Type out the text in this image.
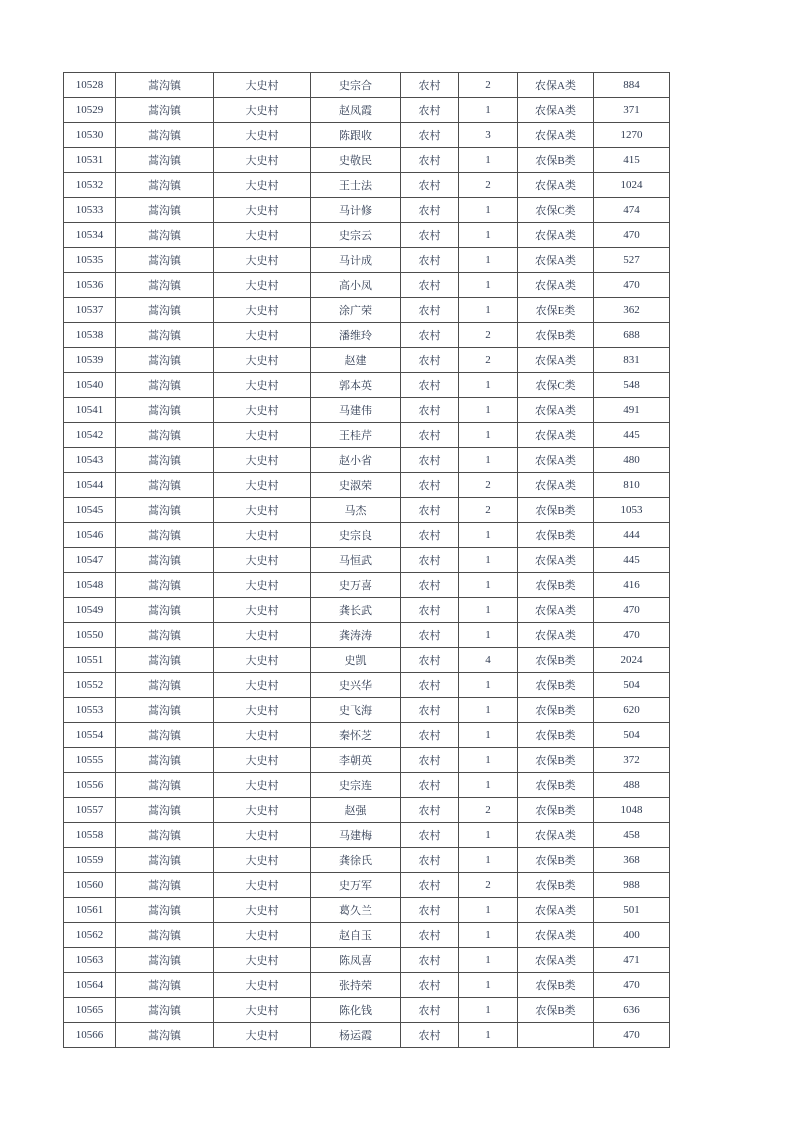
10528	蒿沟镇	大史村	史宗合	农村	2	农保A类	884
10529	蒿沟镇	大史村	赵凤霞	农村	1	农保A类	371
10530	蒿沟镇	大史村	陈跟收	农村	3	农保A类	1270
10531	蒿沟镇	大史村	史敬民	农村	1	农保B类	415
10532	蒿沟镇	大史村	王士法	农村	2	农保A类	1024
10533	蒿沟镇	大史村	马计修	农村	1	农保C类	474
10534	蒿沟镇	大史村	史宗云	农村	1	农保A类	470
10535	蒿沟镇	大史村	马计成	农村	1	农保A类	527
10536	蒿沟镇	大史村	高小凤	农村	1	农保A类	470
10537	蒿沟镇	大史村	涂广荣	农村	1	农保E类	362
10538	蒿沟镇	大史村	潘维玲	农村	2	农保B类	688
10539	蒿沟镇	大史村	赵建	农村	2	农保A类	831
10540	蒿沟镇	大史村	郭本英	农村	1	农保C类	548
10541	蒿沟镇	大史村	马建伟	农村	1	农保A类	491
10542	蒿沟镇	大史村	王桂芹	农村	1	农保A类	445
10543	蒿沟镇	大史村	赵小省	农村	1	农保A类	480
10544	蒿沟镇	大史村	史淑荣	农村	2	农保A类	810
10545	蒿沟镇	大史村	马杰	农村	2	农保B类	1053
10546	蒿沟镇	大史村	史宗良	农村	1	农保B类	444
10547	蒿沟镇	大史村	马恒武	农村	1	农保A类	445
10548	蒿沟镇	大史村	史万喜	农村	1	农保B类	416
10549	蒿沟镇	大史村	龚长武	农村	1	农保A类	470
10550	蒿沟镇	大史村	龚涛涛	农村	1	农保A类	470
10551	蒿沟镇	大史村	史凯	农村	4	农保B类	2024
10552	蒿沟镇	大史村	史兴华	农村	1	农保B类	504
10553	蒿沟镇	大史村	史飞海	农村	1	农保B类	620
10554	蒿沟镇	大史村	秦怀芝	农村	1	农保B类	504
10555	蒿沟镇	大史村	李朝英	农村	1	农保B类	372
10556	蒿沟镇	大史村	史宗连	农村	1	农保B类	488
10557	蒿沟镇	大史村	赵强	农村	2	农保B类	1048
10558	蒿沟镇	大史村	马建梅	农村	1	农保A类	458
10559	蒿沟镇	大史村	龚徐氏	农村	1	农保B类	368
10560	蒿沟镇	大史村	史万军	农村	2	农保B类	988
10561	蒿沟镇	大史村	葛久兰	农村	1	农保A类	501
10562	蒿沟镇	大史村	赵自玉	农村	1	农保A类	400
10563	蒿沟镇	大史村	陈凤喜	农村	1	农保A类	471
10564	蒿沟镇	大史村	张持荣	农村	1	农保B类	470
10565	蒿沟镇	大史村	陈化钱	农村	1	农保B类	636
10566	蒿沟镇	大史村	杨运霞	农村	1		470
